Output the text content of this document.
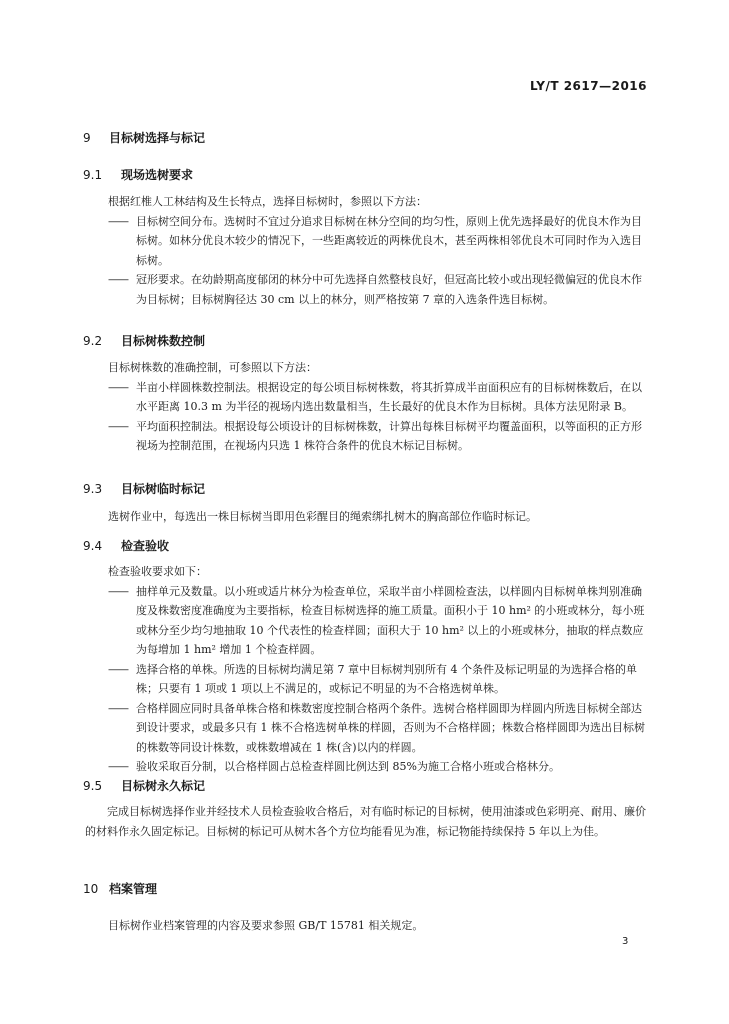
LY/T 2617—2016
9 目标树选择与标记
9.1 现场选树要求

根据红椎人工林结构及生长特点，选择目标树时，参照以下方法：

—— 目标树空间分布。选树时不宜过分追求目标树在林分空间的均匀性，原则上优先选择最好的优良木作为目标树。如林分优良木较少的情况下，一些距离较近的两株优良木，甚至两株相邻优良木可同时作为入选目标树。

—— 冠形要求。在幼龄期高度郁闭的林分中可先选择自然整枝良好，但冠高比较小或出现轻微偏冠的优良木作为目标树；目标树胸径达 30 cm 以上的林分，则严格按第 7 章的入选条件选目标树。

9.2 目标树株数控制

目标树株数的准确控制，可参照以下方法：

—— 半亩小样圆株数控制法。根据设定的每公顷目标树株数，将其折算成半亩面积应有的目标树株数后，在以水平距离 10.3 m 为半径的视场内选出数量相当，生长最好的优良木作为目标树。具体方法见附录 B。

—— 平均面积控制法。根据设每公顷设计的目标树株数，计算出每株目标树平均覆盖面积，以等面积的正方形视场为控制范围，在视场内只选 1 株符合条件的优良木标记目标树。

9.3 目标树临时标记

选树作业中，每选出一株目标树当即用色彩醒目的绳索绑扎树木的胸高部位作临时标记。

9.4 检查验收

检查验收要求如下：

—— 抽样单元及数量。以小班或适片林分为检查单位，采取半亩小样圆检查法，以样圆内目标树单株判别准确度及株数密度准确度为主要指标，检查目标树选择的施工质量。面积小于 10 hm² 的小班或林分，每小班或林分至少均匀地抽取 10 个代表性的检查样圆；面积大于 10 hm² 以上的小班或林分，抽取的样点数应为每增加 1 hm² 增加 1 个检查样圆。

—— 选择合格的单株。所选的目标树均满足第 7 章中目标树判别所有 4 个条件及标记明显的为选择合格的单株；只要有 1 项或 1 项以上不满足的，或标记不明显的为不合格选树单株。

—— 合格样圆应同时具备单株合格和株数密度控制合格两个条件。选树合格样圆即为样圆内所选目标树全部达到设计要求，或最多只有 1 株不合格选树单株的样圆，否则为不合格样圆；株数合格样圆即为选出目标树的株数等同设计株数，或株数增减在 1 株(含)以内的样圆。

—— 验收采取百分制，以合格样圆占总检查样圆比例达到 85%为施工合格小班或合格林分。

9.5 目标树永久标记

完成目标树选择作业并经技术人员检查验收合格后，对有临时标记的目标树，使用油漆或色彩明亮、耐用、廉价的材料作永久固定标记。目标树的标记可从树木各个方位均能看见为准，标记物能持续保持 5 年以上为佳。

10 档案管理

目标树作业档案管理的内容及要求参照 GB/T 15781 相关规定。

3
